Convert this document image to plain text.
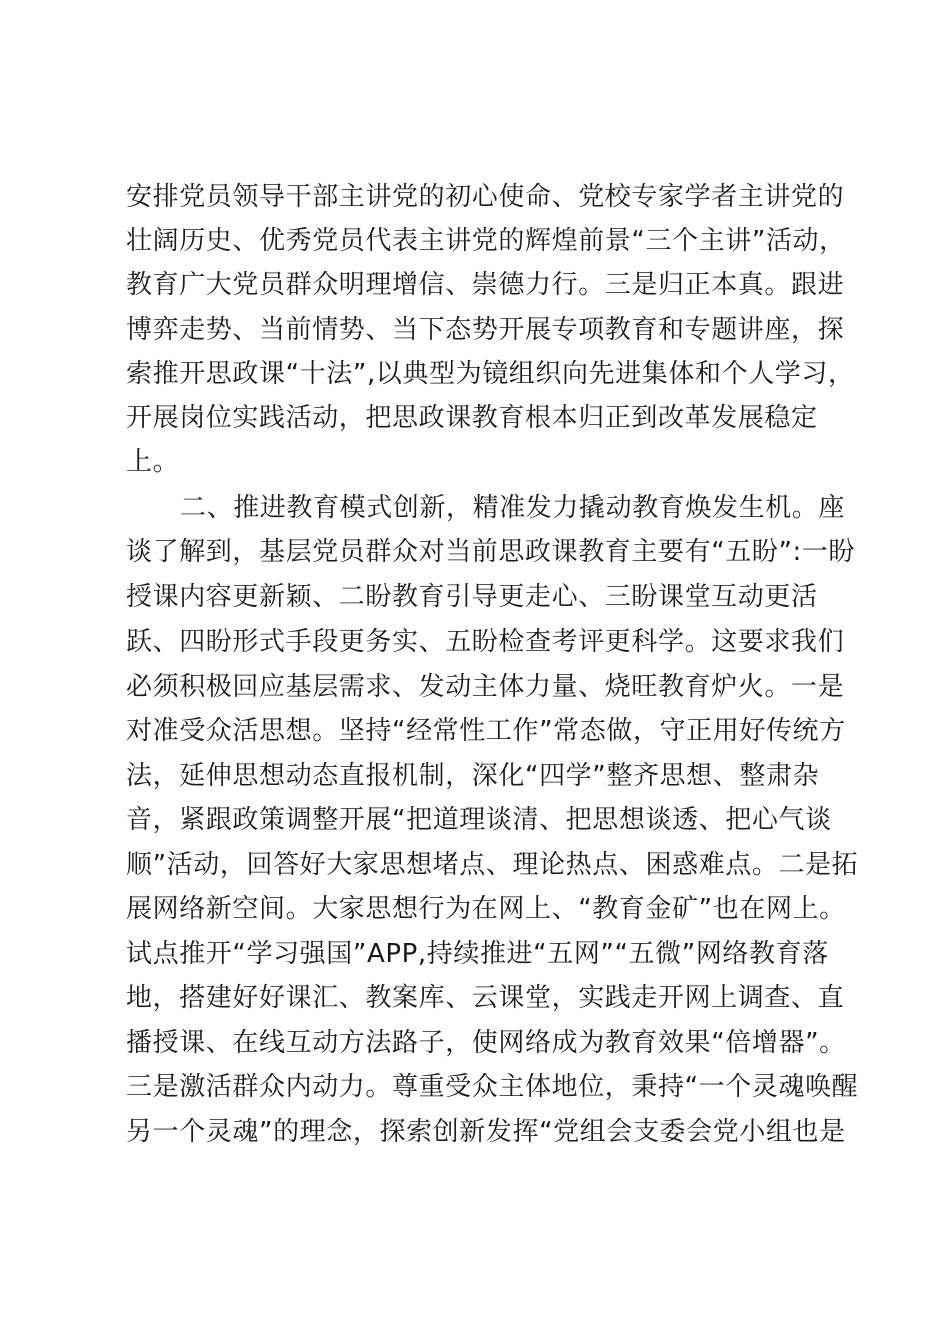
安排党员领导干部主讲党的初心使命、党校专家学者主讲党的
壮阔历史、优秀党员代表主讲党的辉煌前景“三个主讲”活动，
教育广大党员群众明理增信、崇德力行。三是归正本真。跟进
博弈走势、当前情势、当下态势开展专项教育和专题讲座，探
索推开思政课“十法”,以典型为镜组织向先进集体和个人学习，
开展岗位实践活动，把思政课教育根本归正到改革发展稳定
上。
二、推进教育模式创新，精准发力撬动教育焕发生机。座
谈了解到，基层党员群众对当前思政课教育主要有“五盼”:一盼
授课内容更新颖、二盼教育引导更走心、三盼课堂互动更活
跃、四盼形式手段更务实、五盼检查考评更科学。这要求我们
必须积极回应基层需求、发动主体力量、烧旺教育炉火。一是
对准受众活思想。坚持“经常性工作”常态做，守正用好传统方
法，延伸思想动态直报机制，深化“四学”整齐思想、整肃杂
音，紧跟政策调整开展“把道理谈清、把思想谈透、把心气谈
顺”活动，回答好大家思想堵点、理论热点、困惑难点。二是拓
展网络新空间。大家思想行为在网上、“教育金矿”也在网上。
试点推开“学习强国”APP,持续推进“五网”“五微”网络教育落
地，搭建好好课汇、教案库、云课堂，实践走开网上调查、直
播授课、在线互动方法路子，使网络成为教育效果“倍增器”。
三是激活群众内动力。尊重受众主体地位，秉持“一个灵魂唤醒
另一个灵魂”的理念，探索创新发挥“党组会支委会党小组也是
